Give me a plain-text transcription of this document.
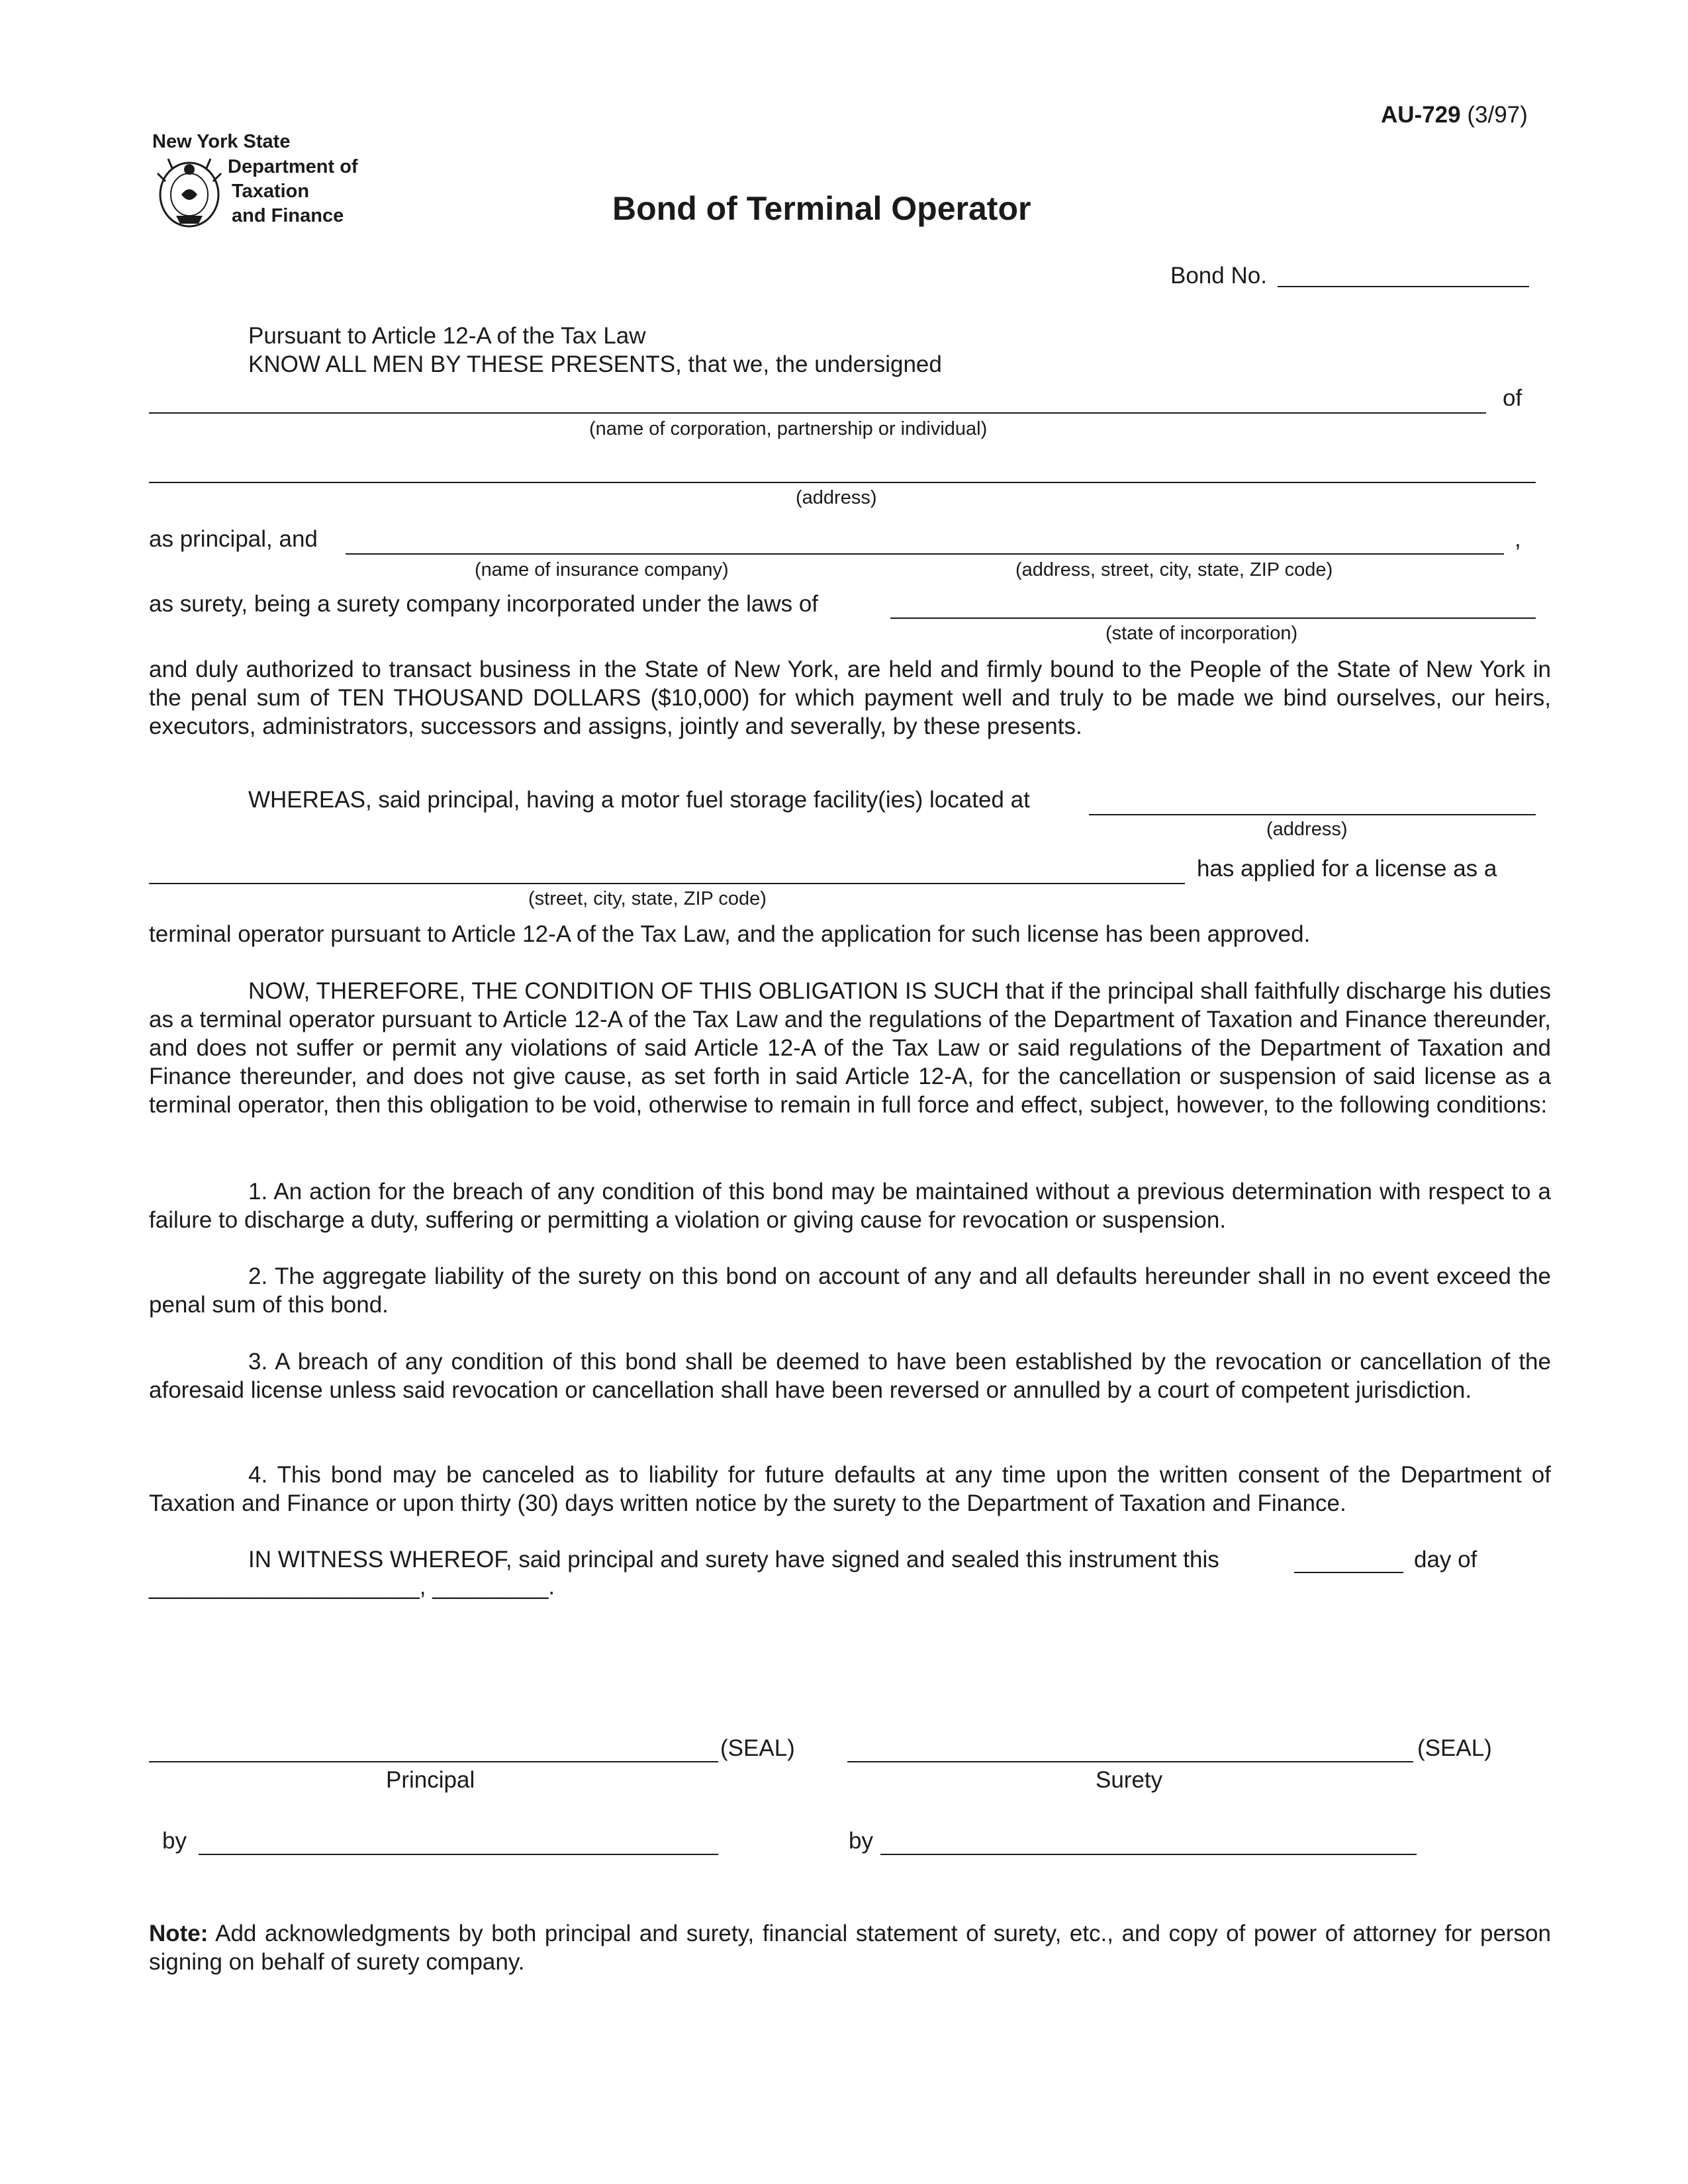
AU-729 (3/97)
New York State
Department of
Taxation
and Finance	Bond of Terminal Operator
Bond No.
Pursuant to Article 12-A of the Tax Law
KNOW ALL MEN BY THESE PRESENTS, that we, the undersigned
of
(name of corporation, partnership or individual)
(address)
as principal, and	,
(name of insurance company)	(address, street, city, state, ZIP code)
as surety, being a surety company incorporated under the laws of
(state of incorporation)
and duly authorized to transact business in the State of New York, are held and firmly bound to the People of the State of New York in the penal sum of TEN THOUSAND DOLLARS ($10,000) for which payment well and truly to be made we bind ourselves, our heirs, executors, administrators, successors and assigns, jointly and severally, by these presents.
WHEREAS, said principal, having a motor fuel storage facility(ies) located at
(address)
has applied for a license as a
(street, city, state, ZIP code)
terminal operator pursuant to Article 12-A of the Tax Law, and the application for such license has been approved.
NOW, THEREFORE, THE CONDITION OF THIS OBLIGATION IS SUCH that if the principal shall faithfully discharge his duties as a terminal operator pursuant to Article 12-A of the Tax Law and the regulations of the Department of Taxation and Finance thereunder, and does not suffer or permit any violations of said Article 12-A of the Tax Law or said regulations of the Department of Taxation and Finance thereunder, and does not give cause, as set forth in said Article 12-A, for the cancellation or suspension of said license as a terminal operator, then this obligation to be void, otherwise to remain in full force and effect, subject, however, to the following conditions:
1. An action for the breach of any condition of this bond may be maintained without a previous determination with respect to a failure to discharge a duty, suffering or permitting a violation or giving cause for revocation or suspension.
2. The aggregate liability of the surety on this bond on account of any and all defaults hereunder shall in no event exceed the penal sum of this bond.
3. A breach of any condition of this bond shall be deemed to have been established by the revocation or cancellation of the aforesaid license unless said revocation or cancellation shall have been reversed or annulled by a court of competent jurisdiction.
4. This bond may be canceled as to liability for future defaults at any time upon the written consent of the Department of Taxation and Finance or upon thirty (30) days written notice by the surety to the Department of Taxation and Finance.
IN WITNESS WHEREOF, said principal and surety have signed and sealed this instrument this	day of
_____________________, _________.
(SEAL)	(SEAL)
Principal	Surety
by	by
Note: Add acknowledgments by both principal and surety, financial statement of surety, etc., and copy of power of attorney for person signing on behalf of surety company.
